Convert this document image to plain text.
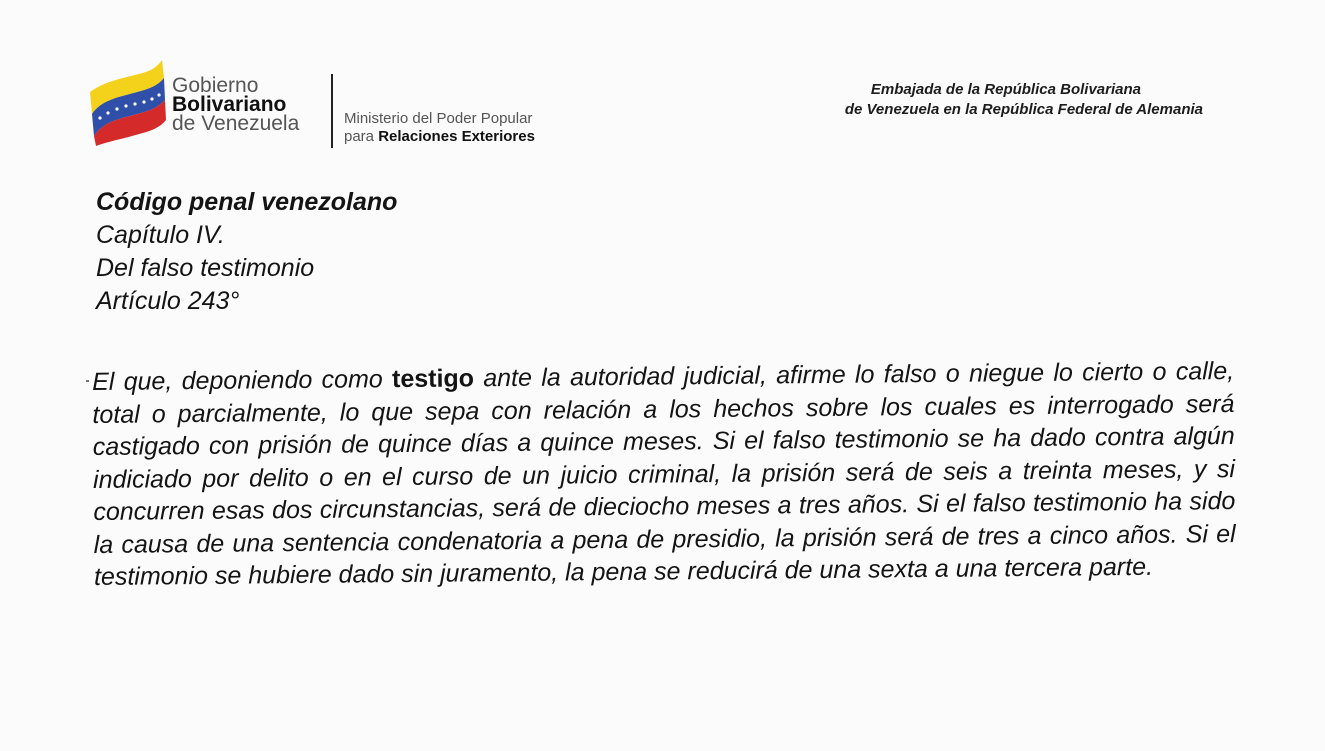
Gobierno
Bolivariano
de Venezuela	Ministerio del Poder Popular
para Relaciones Exteriores
Embajada de la República Bolivariana
de Venezuela en la República Federal de Alemania
Código penal venezolano
Capítulo IV.
Del falso testimonio
Artículo 243°
El que, deponiendo como testigo ante la autoridad judicial, afirme lo falso o niegue lo cierto o calle, total o parcialmente, lo que sepa con relación a los hechos sobre los cuales es interrogado será castigado con prisión de quince días a quince meses. Si el falso testimonio se ha dado contra algún indiciado por delito o en el curso de un juicio criminal, la prisión será de seis a treinta meses, y si concurren esas dos circunstancias, será de dieciocho meses a tres años. Si el falso testimonio ha sido la causa de una sentencia condenatoria a pena de presidio, la prisión será de tres a cinco años. Si el testimonio se hubiere dado sin juramento, la pena se reducirá de una sexta a una tercera parte.
